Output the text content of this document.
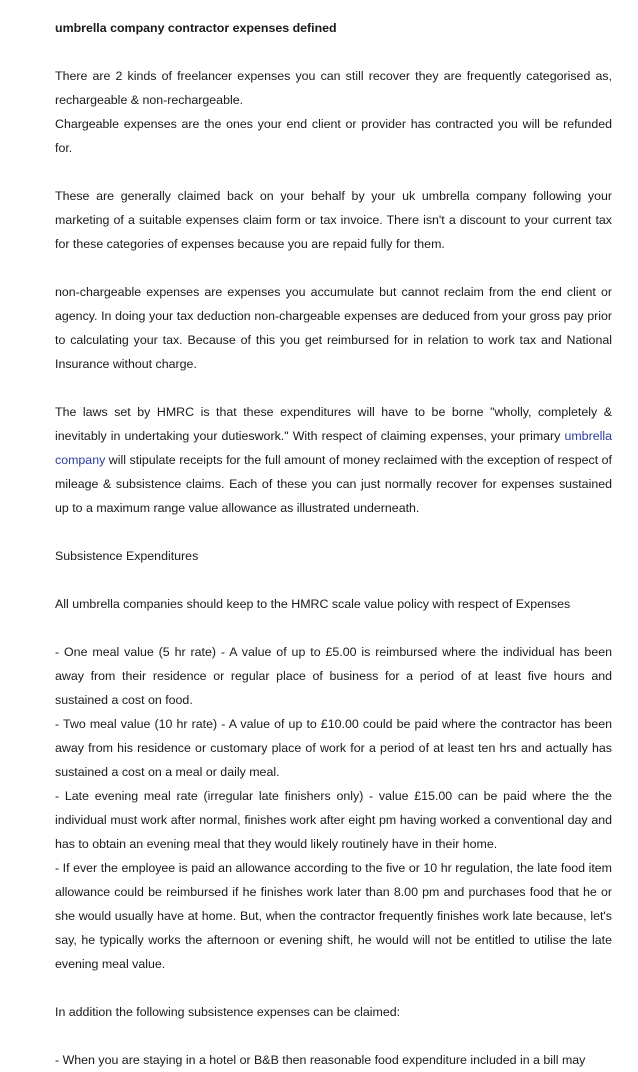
umbrella company contractor expenses defined

There are 2 kinds of freelancer expenses you can still recover they are frequently categorised as, rechargeable & non-rechargeable.

Chargeable expenses are the ones your end client or provider has contracted you will be refunded for.

These are generally claimed back on your behalf by your uk umbrella company following your marketing of a suitable expenses claim form or tax invoice. There isn't a discount to your current tax for these categories of expenses because you are repaid fully for them.

non-chargeable expenses are expenses you accumulate but cannot reclaim from the end client or agency. In doing your tax deduction non-chargeable expenses are deduced from your gross pay prior to calculating your tax. Because of this you get reimbursed for in relation to work tax and National Insurance without charge.

The laws set by HMRC is that these expenditures will have to be borne "wholly, completely & inevitably in undertaking your dutieswork." With respect of claiming expenses, your primary umbrella company will stipulate receipts for the full amount of money reclaimed with the exception of respect of mileage & subsistence claims. Each of these you can just normally recover for expenses sustained up to a maximum range value allowance as illustrated underneath.

Subsistence Expenditures

All umbrella companies should keep to the HMRC scale value policy with respect of Expenses

- One meal value (5 hr rate) - A value of up to £5.00 is reimbursed where the individual has been away from their residence or regular place of business for a period of at least five hours and sustained a cost on food.

- Two meal value (10 hr rate) - A value of up to £10.00 could be paid where the contractor has been away from his residence or customary place of work for a period of at least ten hrs and actually has sustained a cost on a meal or daily meal.

- Late evening meal rate (irregular late finishers only) - value £15.00 can be paid where the the individual must work after normal, finishes work after eight pm having worked a conventional day and has to obtain an evening meal that they would likely routinely have in their home.

- If ever the employee is paid an allowance according to the five or 10 hr regulation, the late food item allowance could be reimbursed if he finishes work later than 8.00 pm and purchases food that he or she would usually have at home. But, when the contractor frequently finishes work late because, let's say, he typically works the afternoon or evening shift, he would will not be entitled to utilise the late evening meal value.

In addition the following subsistence expenses can be claimed:

- When you are staying in a hotel or B&B then reasonable food expenditure included in a bill may
